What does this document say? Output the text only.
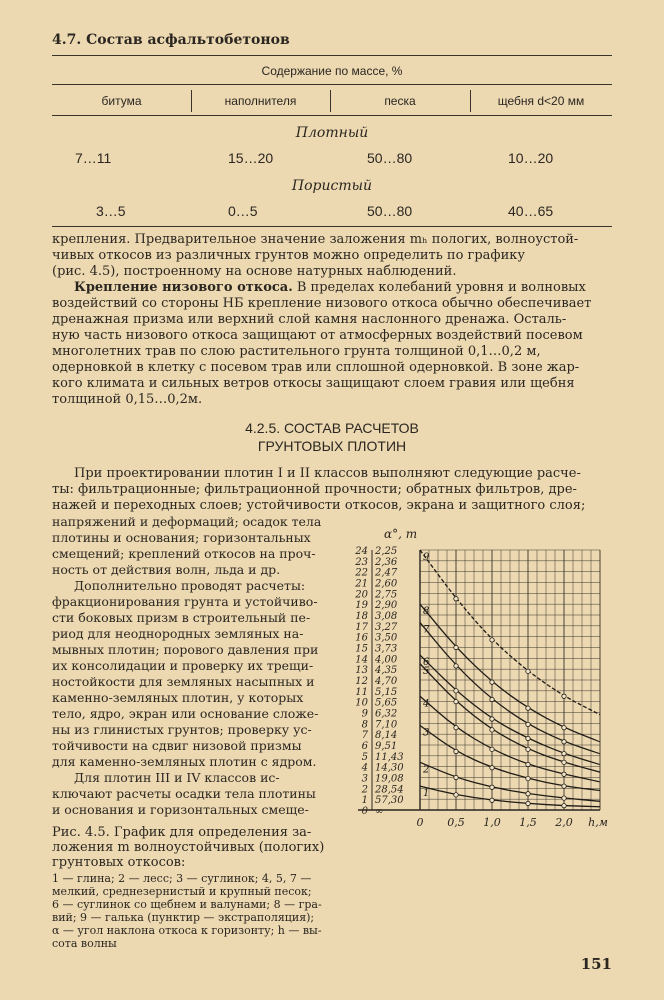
4.7. Состав асфальтобетонов
Содержание по массе, %
битума	наполнителя	песка	щебня d<20 мм
Плотный
7…11	15…20	50…80	10…20
Пористый
3…5	0…5	50…80	40…65

крепления. Предварительное значение заложения mₕ пологих, волноустой-

чивых откосов из различных грунтов можно определить по графику

(рис. 4.5), построенному на основе натурных наблюдений.

Крепление низового откоса. В пределах колебаний уровня и волновых

воздействий со стороны НБ крепление низового откоса обычно обеспечивает

дренажная призма или верхний слой камня наслонного дренажа. Осталь-

ную часть низового откоса защищают от атмосферных воздействий посевом

многолетних трав по слою растительного грунта толщиной 0,1…0,2 м,

одерновкой в клетку с посевом трав или сплошной одерновкой. В зоне жар-

кого климата и сильных ветров откосы защищают слоем гравия или щебня

толщиной 0,15…0,2м.

4.2.5. СОСТАВ РАСЧЕТОВ
ГРУНТОВЫХ ПЛОТИН

При проектировании плотин I и II классов выполняют следующие расче-

ты: фильтрационные; фильтрационной прочности; обратных фильтров, дре-

нажей и переходных слоев; устойчивости откосов, экрана и защитного слоя;

напряжений и деформаций; осадок тела

плотины и основания; горизонтальных

смещений; креплений откосов на проч-

ность от действия волн, льда и др.

Дополнительно проводят расчеты:

фракционирования грунта и устойчиво-

сти боковых призм в строительный пе-

риод для неоднородных земляных на-

мывных плотин; порового давления при

их консолидации и проверку их трещи-

ностойкости для земляных насыпных и

каменно-земляных плотин, у которых

тело, ядро, экран или основание сложе-

ны из глинистых грунтов; проверку ус-

тойчивости на сдвиг низовой призмы

для каменно-земляных плотин с ядром.

Для плотин III и IV классов ис-

ключают расчеты осадки тела плотины

и основания и горизонтальных смеще-

Рис. 4.5. График для определения за-
ложения m волноустойчивых (пологих)
грунтовых откосов:
1 — глина; 2 — лесс; 3 — суглинок; 4, 5, 7 —
мелкий, среднезернистый и крупный песок;
6 — суглинок со щебнем и валунами; 8 — гра-
вий; 9 — галька (пунктир — экстраполяция);
α — угол наклона откоса к горизонту; h — вы-
сота волны
24
23
22
21
20
19
18
17
16
15
14
13
12
11
10
9
8
7
6
5
4
3
2
1
0
2,25
2,36
2,47
2,60
2,75
2,90
3,08
3,27
3,50
3,73
4,00
4,35
4,70
5,15
5,65
6,32
7,10
8,14
9,51
11,43
14,30
19,08
28,54
57,30
∞
0 0,5 1,0 1,5 2,0 h,м
α°, m
1
2
3
4
5
6
7
8
9
151
